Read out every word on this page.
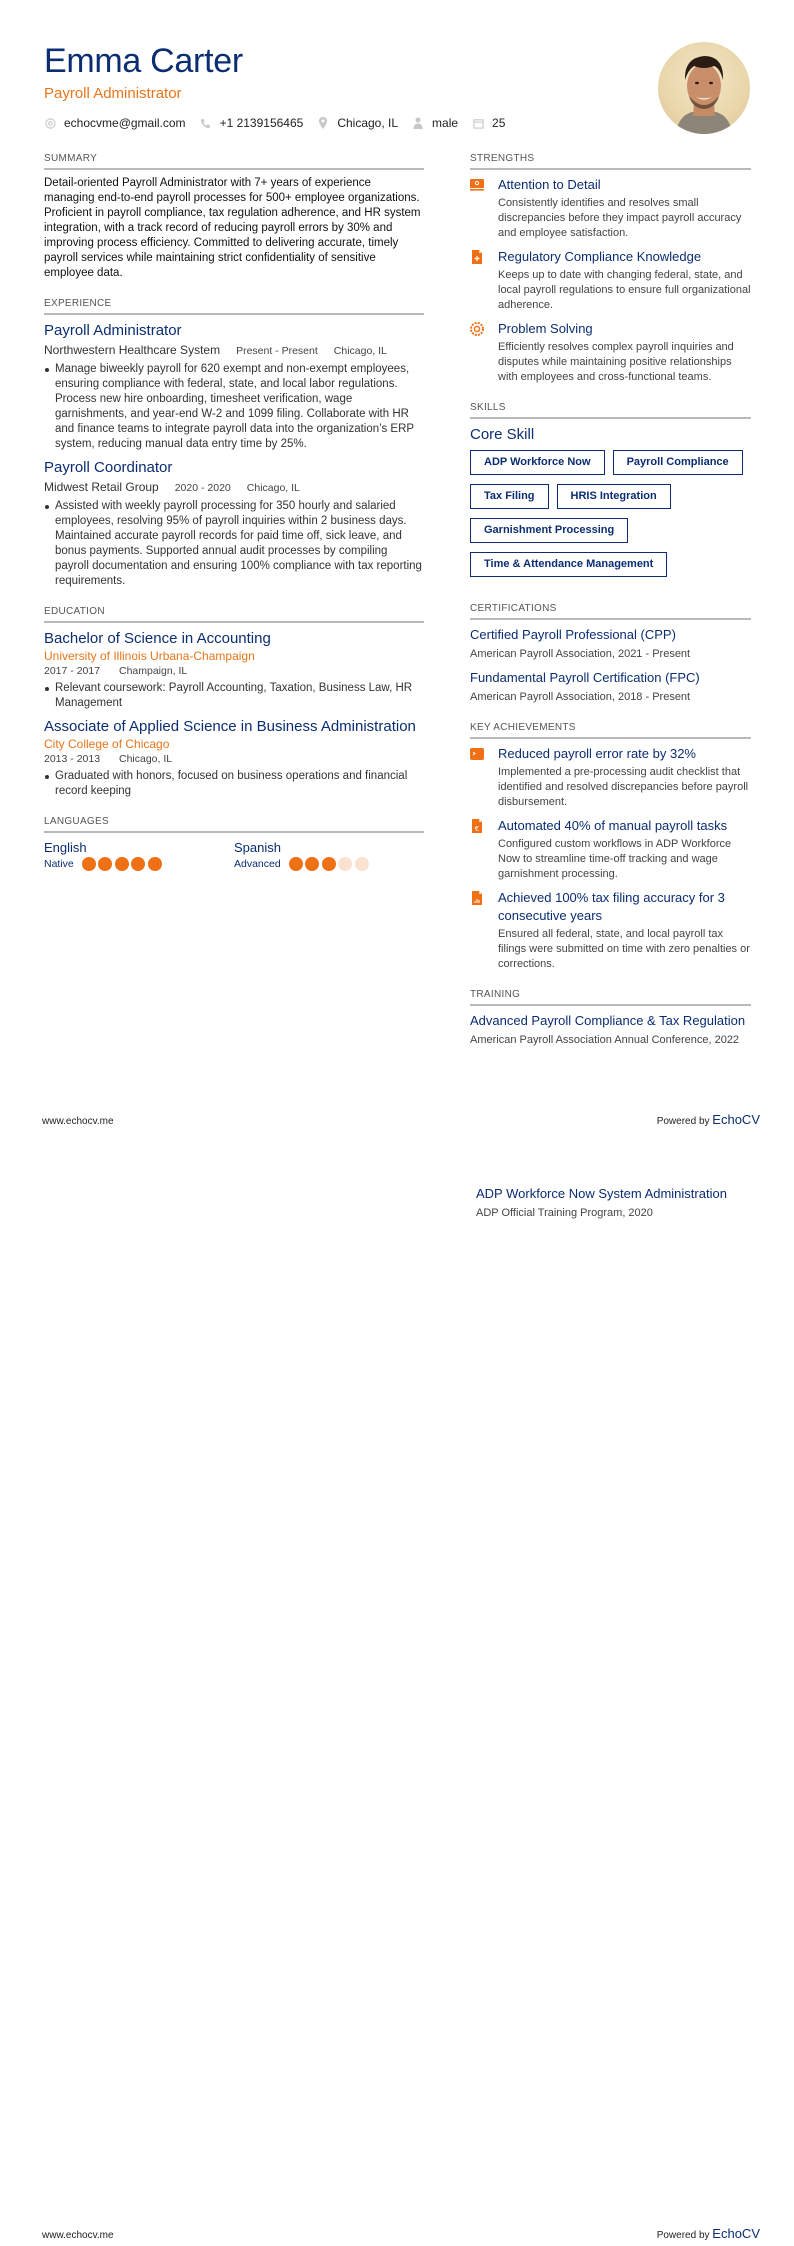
Emma Carter
Payroll Administrator
echocvme@gmail.com	+1 2139156465	Chicago, IL	male	25
SUMMARY
Detail-oriented Payroll Administrator with 7+ years of experience managing end-to-end payroll processes for 500+ employee organizations. Proficient in payroll compliance, tax regulation adherence, and HR system integration, with a track record of reducing payroll errors by 30% and improving process efficiency. Committed to delivering accurate, timely payroll services while maintaining strict confidentiality of sensitive employee data.
EXPERIENCE
Payroll Administrator
Northwestern Healthcare System Present - Present Chicago, IL
Manage biweekly payroll for 620 exempt and non-exempt employees, ensuring compliance with federal, state, and local labor regulations. Process new hire onboarding, timesheet verification, wage garnishments, and year-end W-2 and 1099 filing. Collaborate with HR and finance teams to integrate payroll data into the organization’s ERP system, reducing manual data entry time by 25%.
Payroll Coordinator
Midwest Retail Group 2020 - 2020 Chicago, IL
Assisted with weekly payroll processing for 350 hourly and salaried employees, resolving 95% of payroll inquiries within 2 business days. Maintained accurate payroll records for paid time off, sick leave, and bonus payments. Supported annual audit processes by compiling payroll documentation and ensuring 100% compliance with tax reporting requirements.
EDUCATION
Bachelor of Science in Accounting
University of Illinois Urbana-Champaign
2017 - 2017 Champaign, IL
Relevant coursework: Payroll Accounting, Taxation, Business Law, HR Management
Associate of Applied Science in Business Administration
City College of Chicago
2013 - 2013 Chicago, IL
Graduated with honors, focused on business operations and financial record keeping
LANGUAGES
English
Native
Spanish
Advanced
STRENGTHS
Attention to Detail
Consistently identifies and resolves small discrepancies before they impact payroll accuracy and employee satisfaction.
Regulatory Compliance Knowledge
Keeps up to date with changing federal, state, and local payroll regulations to ensure full organizational adherence.
Problem Solving
Efficiently resolves complex payroll inquiries and disputes while maintaining positive relationships with employees and cross-functional teams.
SKILLS
Core Skill
ADP Workforce Now	Payroll Compliance
Tax Filing	HRIS Integration
Garnishment Processing
Time & Attendance Management
CERTIFICATIONS
Certified Payroll Professional (CPP)
American Payroll Association, 2021 - Present
Fundamental Payroll Certification (FPC)
American Payroll Association, 2018 - Present
KEY ACHIEVEMENTS
Reduced payroll error rate by 32%
Implemented a pre-processing audit checklist that identified and resolved discrepancies before payroll disbursement.
€ Automated 40% of manual payroll tasks
Configured custom workflows in ADP Workforce Now to streamline time-off tracking and wage garnishment processing.
Achieved 100% tax filing accuracy for 3 consecutive years
Ensured all federal, state, and local payroll tax filings were submitted on time with zero penalties or corrections.
TRAINING
Advanced Payroll Compliance & Tax Regulation
American Payroll Association Annual Conference, 2022
www.echocv.me	Powered by EchoCV
ADP Workforce Now System Administration
ADP Official Training Program, 2020
www.echocv.me	Powered by EchoCV
